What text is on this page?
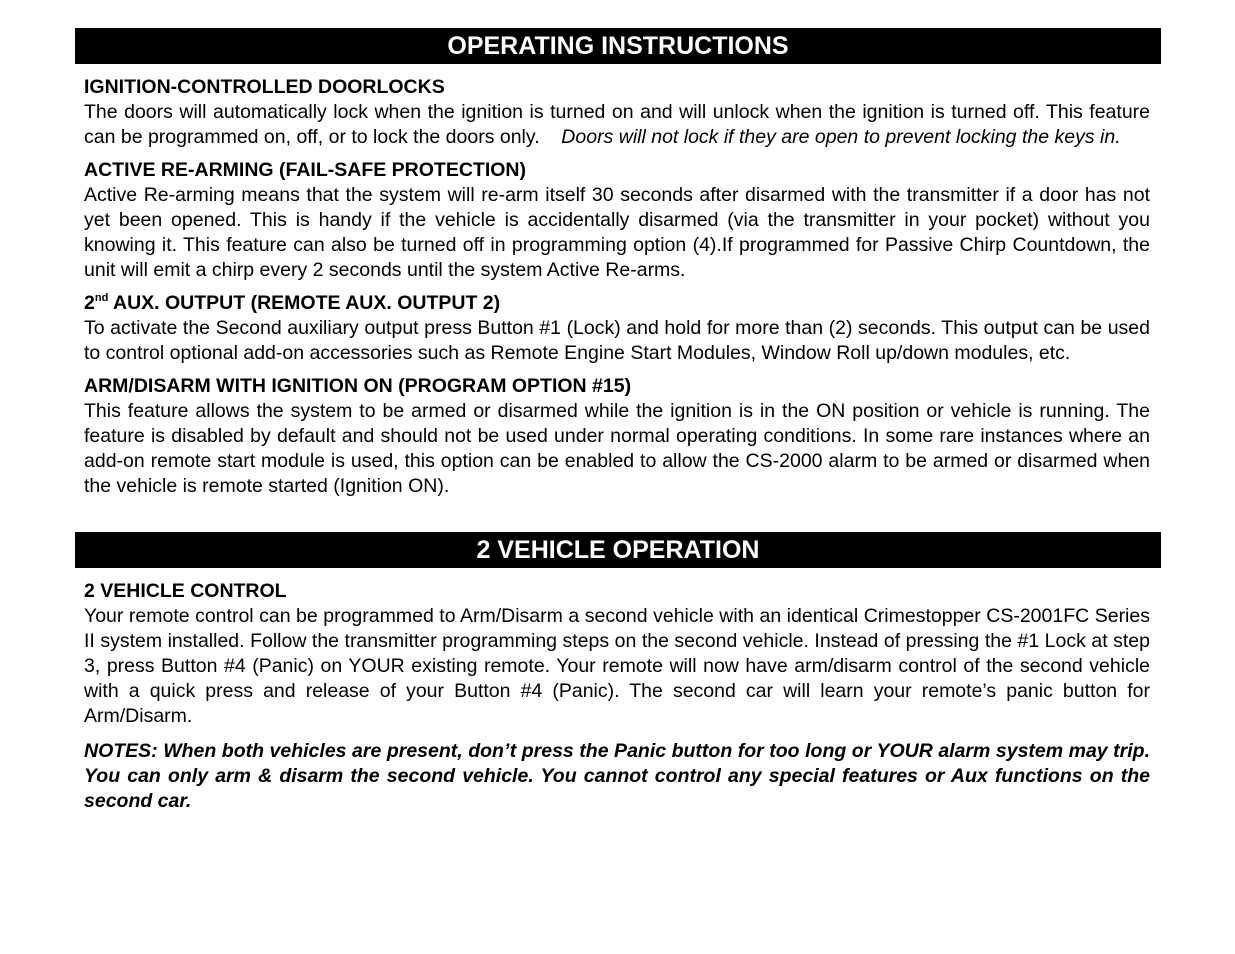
OPERATING INSTRUCTIONS

IGNITION-CONTROLLED DOORLOCKS

The doors will automatically lock when the ignition is turned on and will unlock when the ignition is turned off. This feature can be programmed on, off, or to lock the doors only. Doors will not lock if they are open to prevent locking the keys in.

ACTIVE RE-ARMING (FAIL-SAFE PROTECTION)

Active Re-arming means that the system will re-arm itself 30 seconds after disarmed with the transmitter if a door has not yet been opened. This is handy if the vehicle is accidentally disarmed (via the transmitter in your pocket) without you knowing it. This feature can also be turned off in programming option (4).If programmed for Passive Chirp Countdown, the unit will emit a chirp every 2 seconds until the system Active Re-arms.

2nd AUX. OUTPUT (REMOTE AUX. OUTPUT 2)

To activate the Second auxiliary output press Button #1 (Lock) and hold for more than (2) seconds. This output can be used to control optional add-on accessories such as Remote Engine Start Modules, Window Roll up/down modules, etc.

ARM/DISARM WITH IGNITION ON (PROGRAM OPTION #15)

This feature allows the system to be armed or disarmed while the ignition is in the ON position or vehicle is running. The feature is disabled by default and should not be used under normal operating conditions. In some rare instances where an add-on remote start module is used, this option can be enabled to allow the CS-2000 alarm to be armed or disarmed when the vehicle is remote started (Ignition ON).

2 VEHICLE OPERATION

2 VEHICLE CONTROL

Your remote control can be programmed to Arm/Disarm a second vehicle with an identical Crimestopper CS-2001FC Series II system installed. Follow the transmitter programming steps on the second vehicle. Instead of pressing the #1 Lock at step 3, press Button #4 (Panic) on YOUR existing remote. Your remote will now have arm/disarm control of the second vehicle with a quick press and release of your Button #4 (Panic). The second car will learn your remote’s panic button for Arm/Disarm.

NOTES: When both vehicles are present, don’t press the Panic button for too long or YOUR alarm system may trip. You can only arm & disarm the second vehicle. You cannot control any special features or Aux functions on the second car.
